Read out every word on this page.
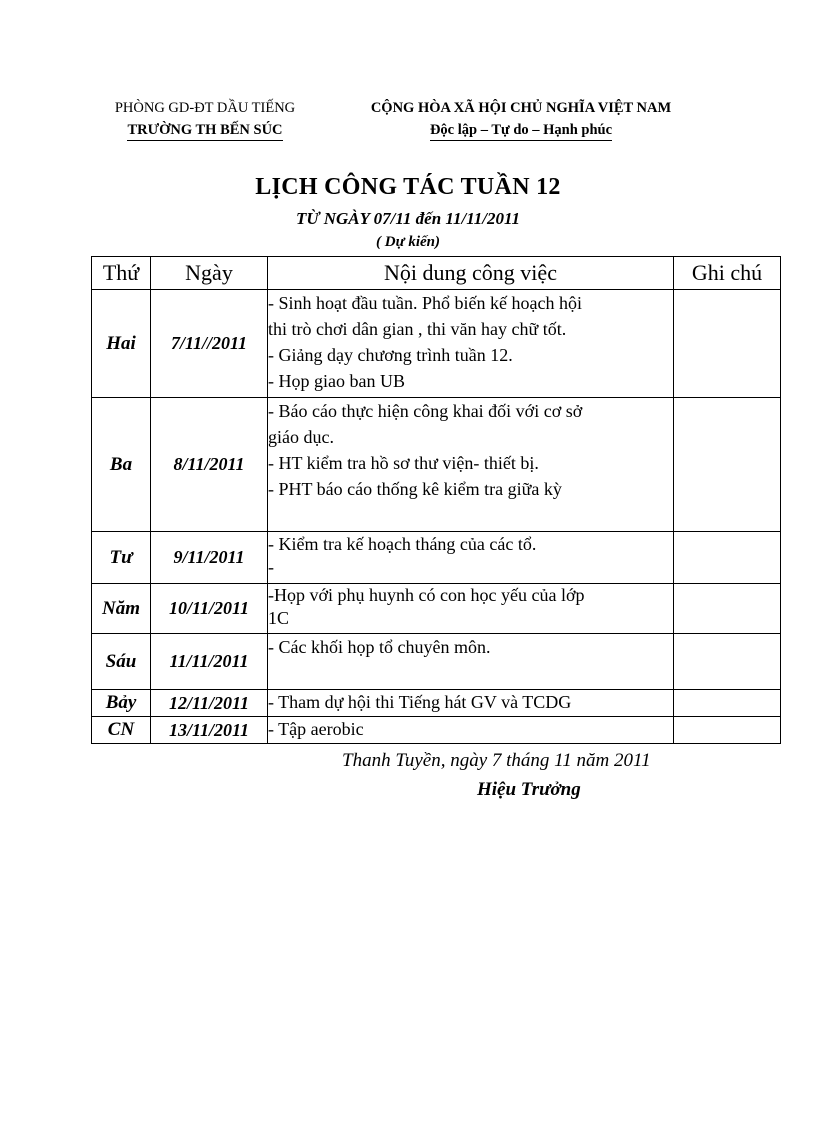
PHÒNG GD-ĐT DẦU TIẾNG
TRƯỜNG TH BẾN SÚC
CỘNG HÒA XÃ HỘI CHỦ NGHĨA VIỆT NAM
Độc lập – Tự do – Hạnh phúc
LỊCH CÔNG TÁC TUẦN 12
TỪ NGÀY 07/11 đến 11/11/2011
( Dự kiến)
Thứ	Ngày	Nội dung công việc	Ghi chú
Hai	7/11//2011	- Sinh hoạt đầu tuần. Phổ biến kế hoạch hội
thi trò chơi dân gian , thi văn hay chữ tốt.
- Giảng dạy chương trình tuần 12.
- Họp giao ban UB	

Ba	8/11/2011	- Báo cáo thực hiện công khai đối với cơ sở
giáo dục.
- HT kiểm tra hồ sơ thư viện- thiết bị.
- PHT báo cáo thống kê kiểm tra giữa kỳ	

Tư	9/11/2011	- Kiểm tra kế hoạch tháng của các tổ.
-	

Năm	10/11/2011	-Họp với phụ huynh có con học yếu của lớp
1C	

Sáu	11/11/2011	- Các khối họp tổ chuyên môn.	

Bảy	12/11/2011	- Tham dự hội thi Tiếng hát GV và TCDG	

CN	13/11/2011	- Tập aerobic	

Thanh Tuyền, ngày 7 tháng 11 năm 2011
Hiệu Trưởng
